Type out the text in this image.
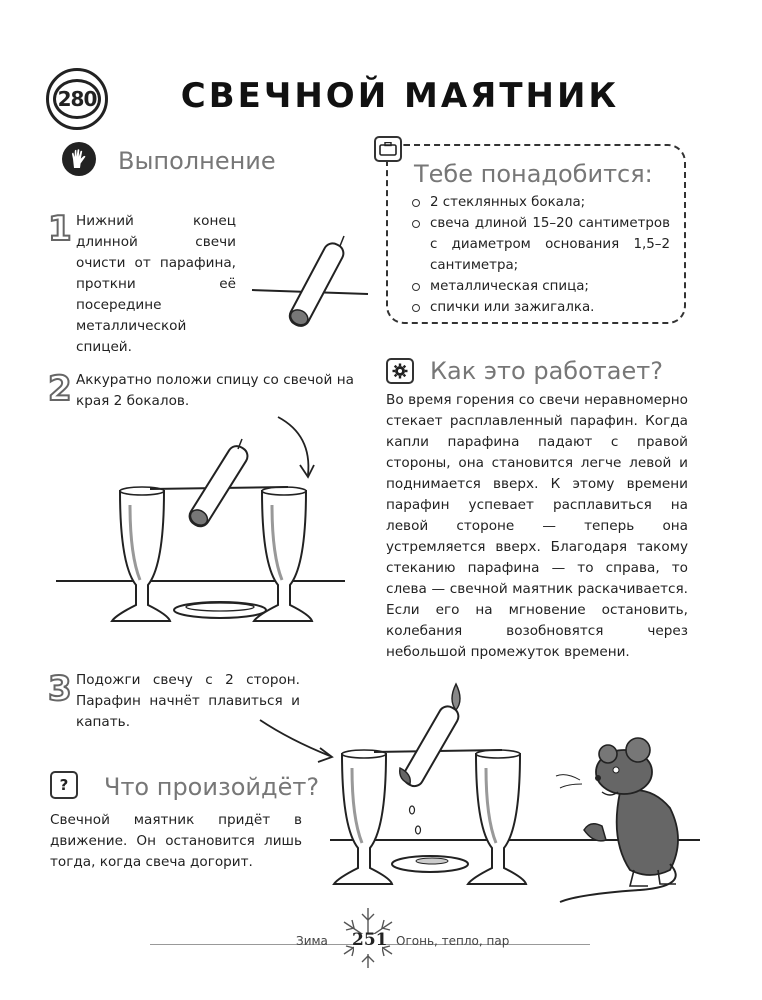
280	СВЕЧНОЙ МАЯТНИК
Выполнение
1 Нижний конец длинной свечи очисти от парафина, проткни её посередине металлической спицей.
Тебе понадобится:
2 стеклянных бокала;
свеча длиной 15–20 сантиметров с диаметром основания 1,5–2 сантиметра;
металлическая спица;
спички или зажигалка.
2 Аккуратно положи спицу со свечой на края 2 бокалов.
Как это работает?
Во время горения со свечи неравномерно стекает расплавленный парафин. Когда капли парафина падают с правой стороны, она становится легче левой и поднимается вверх. К этому времени парафин успевает расплавиться на левой стороне — теперь она устремляется вверх. Благодаря такому стеканию парафина — то справа, то слева — свечной маятник раскачивается. Если его на мгновение остановить, колебания возобновятся через небольшой промежуток времени.
3 Подожги свечу с 2 сторон. Парафин начнёт плавиться и капать.
? Что произойдёт?
Свечной маятник придёт в движение. Он остановится лишь тогда, когда свеча догорит.
Зима 251 Огонь, тепло, пар
